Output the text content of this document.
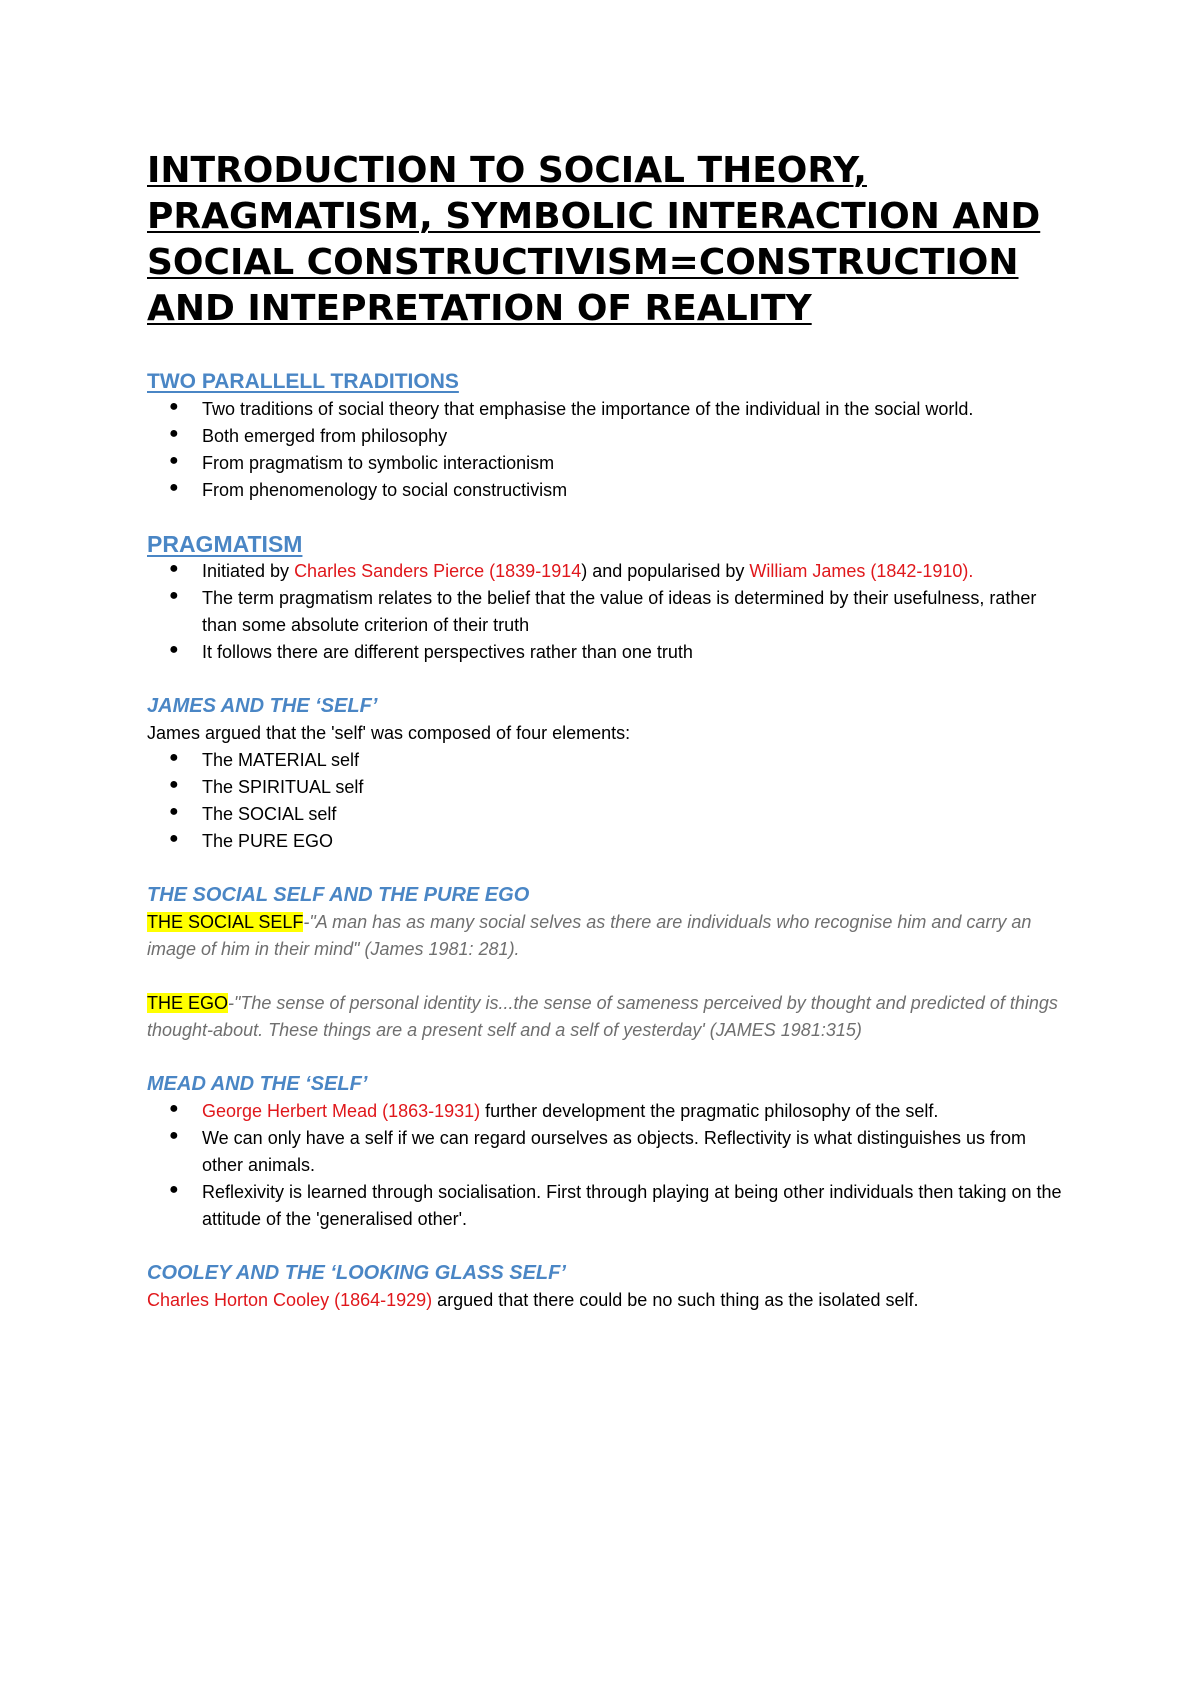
INTRODUCTION TO SOCIAL THEORY, PRAGMATISM, SYMBOLIC INTERACTION AND SOCIAL CONSTRUCTIVISM=CONSTRUCTION AND INTEPRETATION OF REALITY
TWO PARALLELL TRADITIONS
● Two traditions of social theory that emphasise the importance of the individual in the social world.
● Both emerged from philosophy
● From pragmatism to symbolic interactionism
● From phenomenology to social constructivism
PRAGMATISM
● Initiated by Charles Sanders Pierce (1839-1914) and popularised by William James (1842-1910).
● The term pragmatism relates to the belief that the value of ideas is determined by their usefulness, rather than some absolute criterion of their truth
● It follows there are different perspectives rather than one truth
JAMES AND THE ‘SELF’

James argued that the 'self' was composed of four elements:

● The MATERIAL self
● The SPIRITUAL self
● The SOCIAL self
● The PURE EGO
THE SOCIAL SELF AND THE PURE EGO

THE SOCIAL SELF-"A man has as many social selves as there are individuals who recognise him and carry an image of him in their mind" (James 1981: 281).

THE EGO-"The sense of personal identity is...the sense of sameness perceived by thought and predicted of things thought-about. These things are a present self and a self of yesterday' (JAMES 1981:315)

MEAD AND THE ‘SELF’
● George Herbert Mead (1863-1931) further development the pragmatic philosophy of the self.
● We can only have a self if we can regard ourselves as objects. Reflectivity is what distinguishes us from other animals.
● Reflexivity is learned through socialisation. First through playing at being other individuals then taking on the attitude of the 'generalised other'.
COOLEY AND THE ‘LOOKING GLASS SELF’

Charles Horton Cooley (1864-1929) argued that there could be no such thing as the isolated self.
